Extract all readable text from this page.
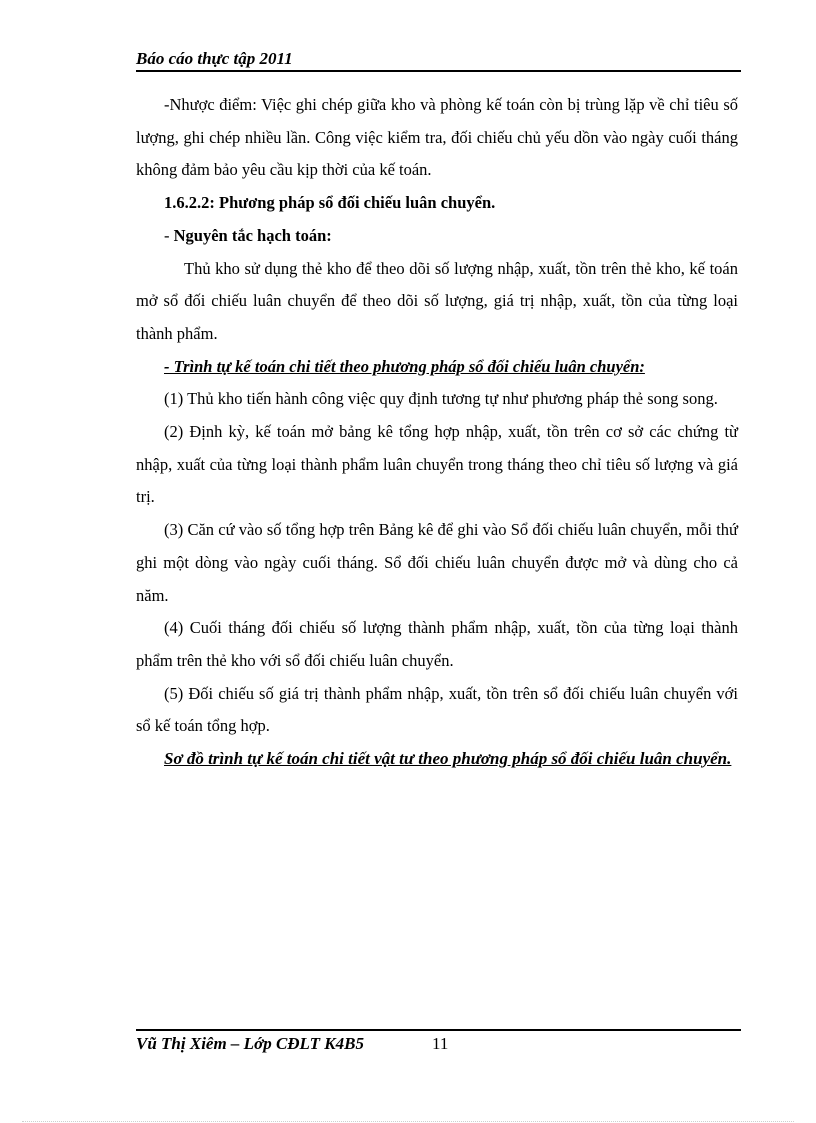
Báo cáo thực tập 2011

-Nhược điểm: Việc ghi chép giữa kho và phòng kế toán còn bị trùng lặp về chỉ tiêu số lượng, ghi chép nhiều lần. Công việc kiểm tra, đối chiếu chủ yếu dồn vào ngày cuối tháng không đảm bảo yêu cầu kịp thời của kế toán.

1.6.2.2: Phương pháp sổ đối chiếu luân chuyển.

- Nguyên tắc hạch toán:

Thủ kho sử dụng thẻ kho để theo dõi số lượng nhập, xuất, tồn trên thẻ kho, kế toán mở sổ đối chiếu luân chuyển để theo dõi số lượng, giá trị nhập, xuất, tồn của từng loại thành phẩm.

- Trình tự kế toán chi tiết theo phương pháp sổ đối chiếu luân chuyển:

(1) Thủ kho tiến hành công việc quy định tương tự như phương pháp thẻ song song.

(2) Định kỳ, kế toán mở bảng kê tổng hợp nhập, xuất, tồn trên cơ sở các chứng từ nhập, xuất của từng loại thành phẩm luân chuyển trong tháng theo chỉ tiêu số lượng và giá trị.

(3) Căn cứ vào số tổng hợp trên Bảng kê để ghi vào Sổ đối chiếu luân chuyển, mỗi thứ ghi một dòng vào ngày cuối tháng. Sổ đối chiếu luân chuyển được mở và dùng cho cả năm.

(4) Cuối tháng đối chiếu số lượng thành phẩm nhập, xuất, tồn của từng loại thành phẩm trên thẻ kho với sổ đối chiếu luân chuyển.

(5) Đối chiếu số giá trị thành phẩm nhập, xuất, tồn trên sổ đối chiếu luân chuyển với sổ kế toán tổng hợp.

Sơ đồ trình tự kế toán chi tiết vật tư theo phương pháp sổ đối chiếu luân chuyển.

Vũ Thị Xiêm – Lớp CĐLT K4B5	11
